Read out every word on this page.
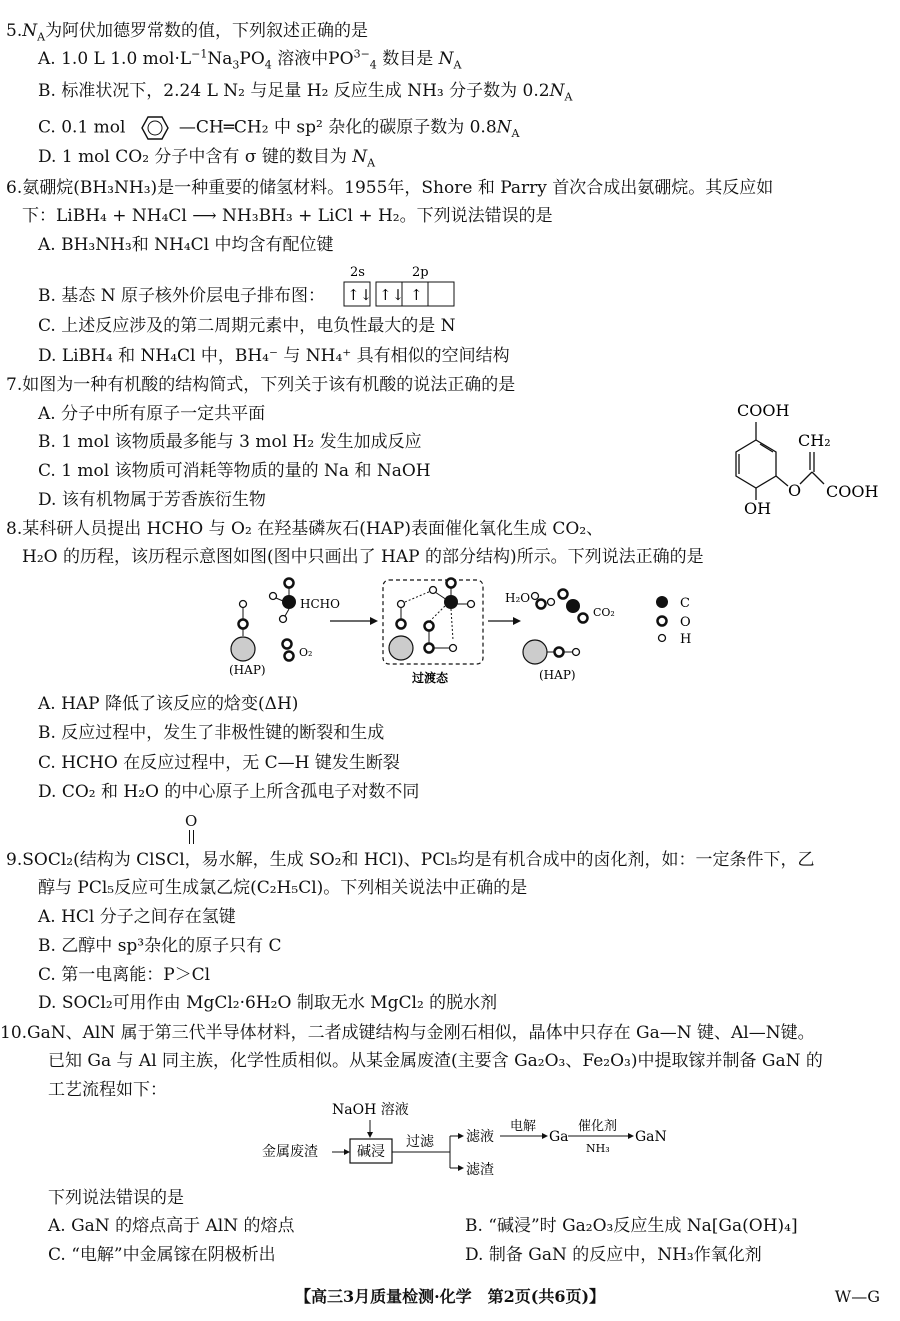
$5.N_A$为阿伏加德罗常数的值，下列叙述正确的是
A. 1.0 L 1.0 $mol\cdot L^{-1}Na_3PO_4$ 溶液中$PO^{3-}_4$ 数目是 $N_A$
B. 标准状况下，2.24 L N₂ 与足量 H₂ 反应生成 NH₃ 分子数为 $0.2N_A$
C. 0.1 mol	—CH═CH₂ 中 sp² 杂化的碳原子数为 $0.8N_A$
D. 1 mol CO₂ 分子中含有 σ 键的数目为 $N_A$
6.氨硼烷(BH₃NH₃)是一种重要的储氢材料。1955年，Shore 和 Parry 首次合成出氨硼烷。其反应如
下：LiBH₄ + NH₄Cl ⟶ NH₃BH₃ + LiCl + H₂。下列说法错误的是
A. BH₃NH₃和 NH₄Cl 中均含有配位键
B. 基态 N 原子核外价层电子排布图：
2s	2p
↑↓ ↑↓ ↑
C. 上述反应涉及的第二周期元素中，电负性最大的是 N
D. LiBH₄ 和 NH₄Cl 中，BH₄⁻ 与 NH₄⁺ 具有相似的空间结构
7.如图为一种有机酸的结构简式，下列关于该有机酸的说法正确的是
A. 分子中所有原子一定共平面
B. 1 mol 该物质最多能与 3 mol H₂ 发生加成反应
C. 1 mol 该物质可消耗等物质的量的 Na 和 NaOH
D. 该有机物属于芳香族衍生物
COOH
OH
O
CH₂
COOH
8.某科研人员提出 HCHO 与 O₂ 在羟基磷灰石(HAP)表面催化氧化生成 CO₂、
H₂O 的历程，该历程示意图如图(图中只画出了 HAP 的部分结构)所示。下列说法正确的是
(HAP)
HCHO
O₂
过渡态
H₂O
CO₂
(HAP)
C
O
H
A. HAP 降低了该反应的焓变(ΔH)
B. 反应过程中，发生了非极性键的断裂和生成
C. HCHO 在反应过程中，无 C—H 键发生断裂
D. CO₂ 和 H₂O 的中心原子上所含孤电子对数不同
O
9.SOCl₂(结构为 ClSCl，易水解，生成 SO₂和 HCl)、PCl₅均是有机合成中的卤化剂，如：一定条件下，乙
醇与 PCl₅反应可生成氯乙烷(C₂H₅Cl)。下列相关说法中正确的是
A. HCl 分子之间存在氢键
B. 乙醇中 sp³杂化的原子只有 C
C. 第一电离能：P＞Cl
D. SOCl₂可用作由 MgCl₂·6H₂O 制取无水 MgCl₂ 的脱水剂
10.GaN、AlN 属于第三代半导体材料，二者成键结构与金刚石相似，晶体中只存在 Ga—N 键、Al—N键。
已知 Ga 与 Al 同主族，化学性质相似。从某金属废渣(主要含 Ga₂O₃、Fe₂O₃)中提取镓并制备 GaN 的
工艺流程如下：
NaOH 溶液
金属废渣	碱浸
过滤 滤液
滤渣
电解
Ga
催化剂
NH₃
GaN
下列说法错误的是
A. GaN 的熔点高于 AlN 的熔点	B. “碱浸”时 Ga₂O₃反应生成 Na[Ga(OH)₄]
C. “电解”中金属镓在阴极析出	D. 制备 GaN 的反应中，NH₃作氧化剂
【高三3月质量检测·化学　第2页(共6页)】	W—G
